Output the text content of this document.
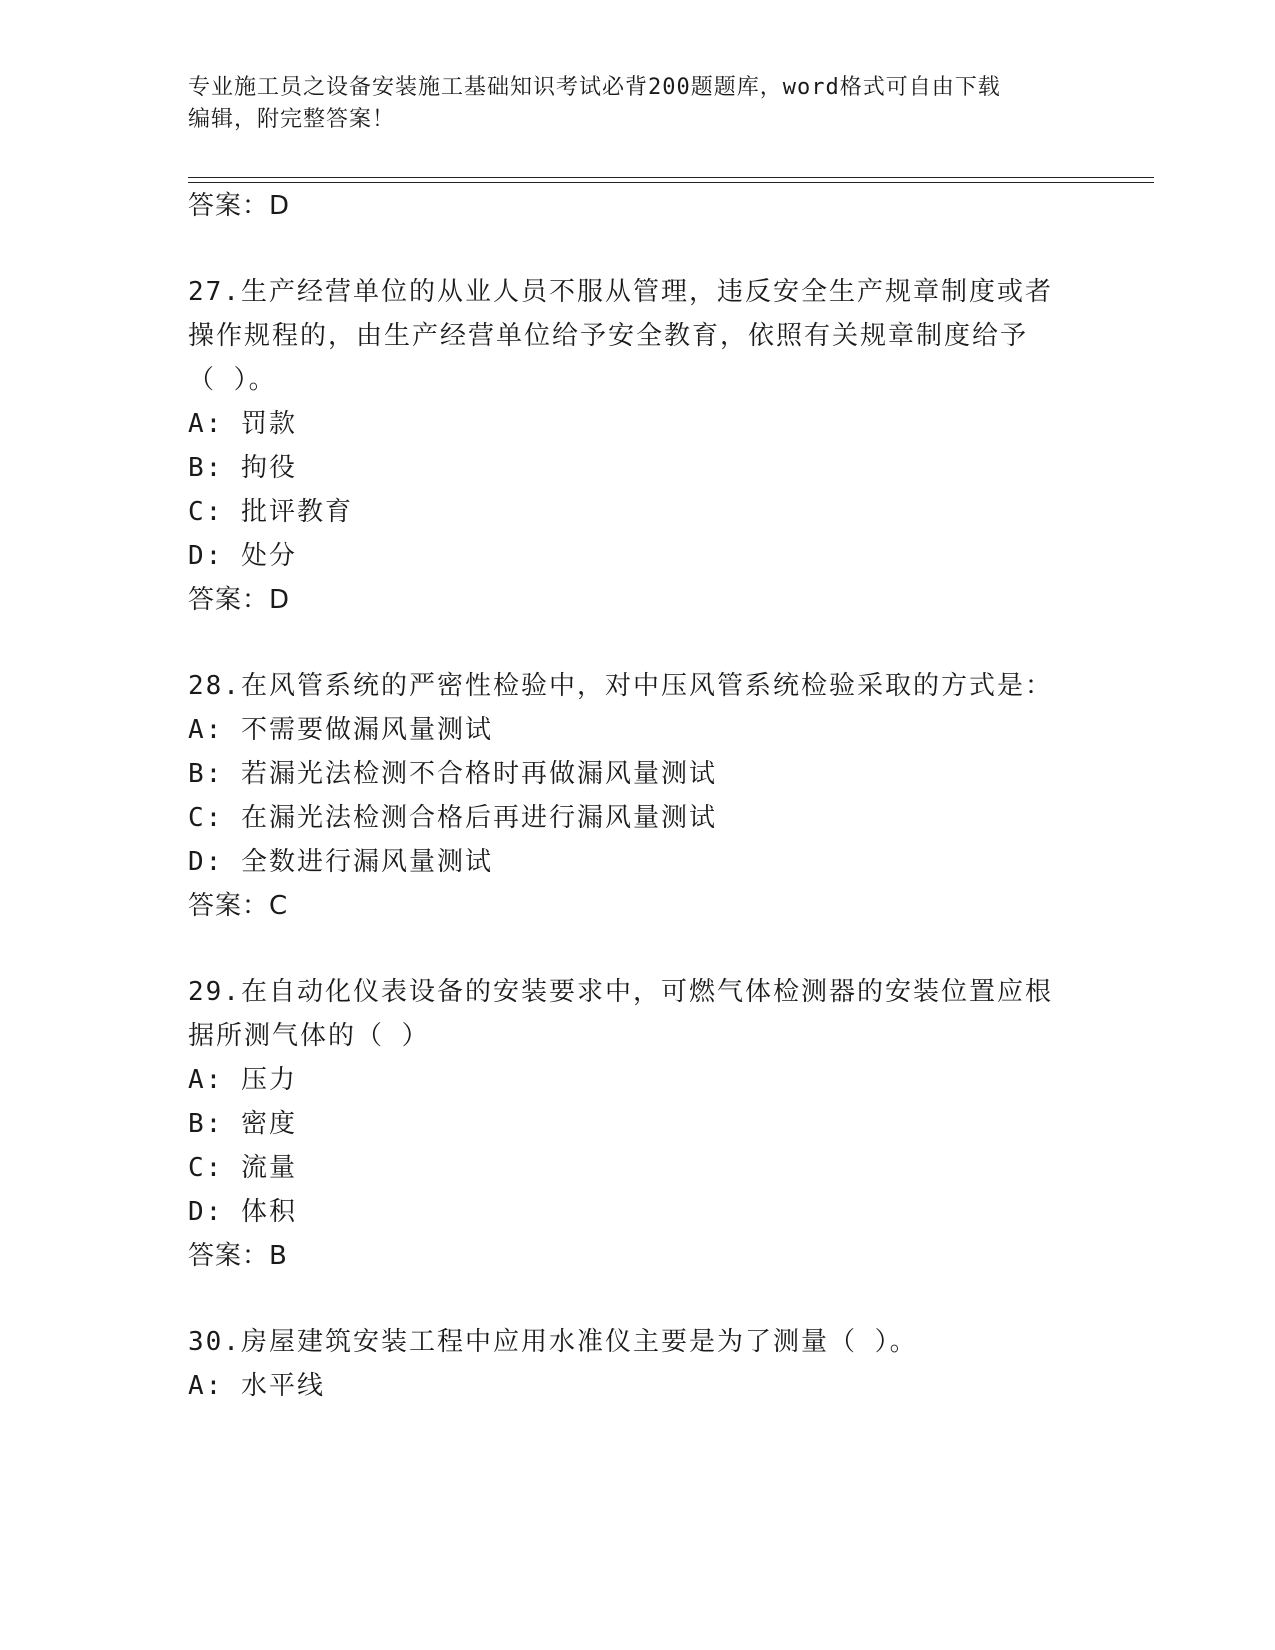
专业施工员之设备安装施工基础知识考试必背200题题库，word格式可自由下载
编辑，附完整答案！
答案：D
27.生产经营单位的从业人员不服从管理，违反安全生产规章制度或者
操作规程的，由生产经营单位给予安全教育，依照有关规章制度给予
（ ）。
A: 罚款
B: 拘役
C: 批评教育
D: 处分
答案：D
28.在风管系统的严密性检验中，对中压风管系统检验采取的方式是：
A: 不需要做漏风量测试
B: 若漏光法检测不合格时再做漏风量测试
C: 在漏光法检测合格后再进行漏风量测试
D: 全数进行漏风量测试
答案：C
29.在自动化仪表设备的安装要求中，可燃气体检测器的安装位置应根
据所测气体的（ ）
A: 压力
B: 密度
C: 流量
D: 体积
答案：B
30.房屋建筑安装工程中应用水准仪主要是为了测量（ ）。
A: 水平线
